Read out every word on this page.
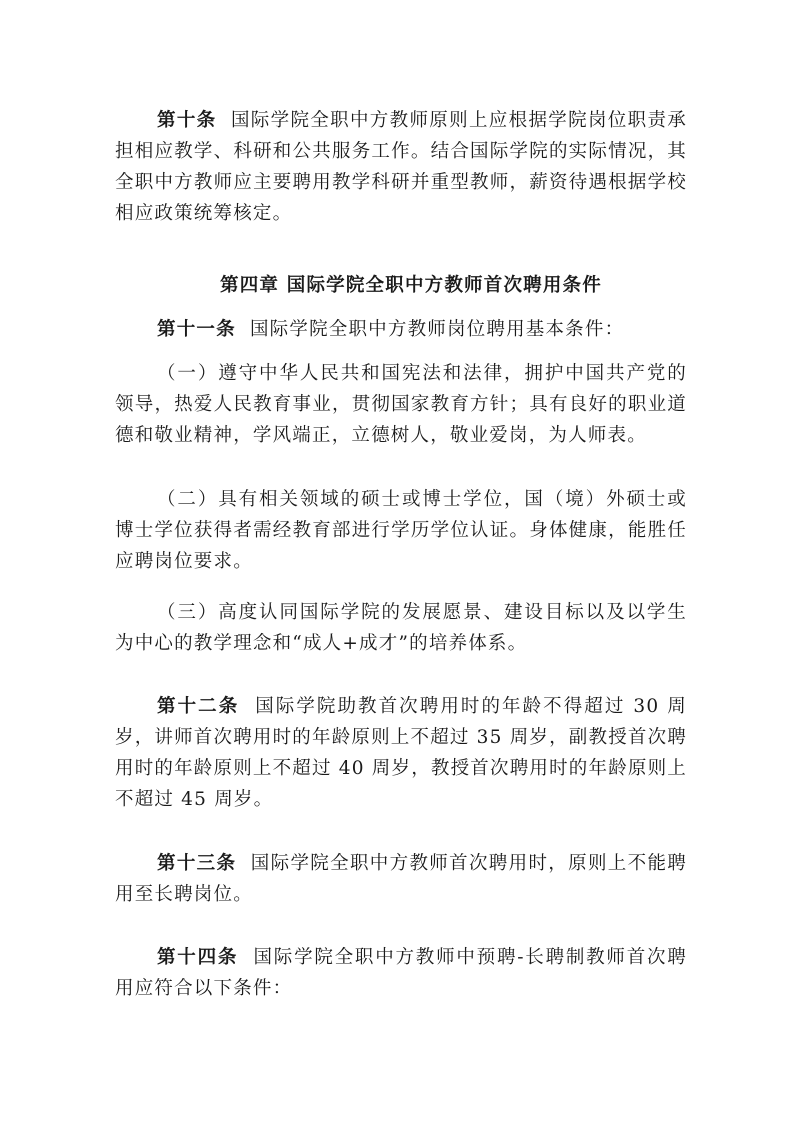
第十条 国际学院全职中方教师原则上应根据学院岗位职责承担相应教学、科研和公共服务工作。结合国际学院的实际情况，其全职中方教师应主要聘用教学科研并重型教师，薪资待遇根据学校相应政策统筹核定。

第四章 国际学院全职中方教师首次聘用条件

第十一条 国际学院全职中方教师岗位聘用基本条件：

（一）遵守中华人民共和国宪法和法律，拥护中国共产党的领导，热爱人民教育事业，贯彻国家教育方针；具有良好的职业道德和敬业精神，学风端正，立德树人，敬业爱岗，为人师表。

（二）具有相关领域的硕士或博士学位，国（境）外硕士或博士学位获得者需经教育部进行学历学位认证。身体健康，能胜任应聘岗位要求。

（三）高度认同国际学院的发展愿景、建设目标以及以学生为中心的教学理念和“成人+成才”的培养体系。

第十二条 国际学院助教首次聘用时的年龄不得超过 30 周岁，讲师首次聘用时的年龄原则上不超过 35 周岁，副教授首次聘用时的年龄原则上不超过 40 周岁，教授首次聘用时的年龄原则上不超过 45 周岁。

第十三条 国际学院全职中方教师首次聘用时，原则上不能聘用至长聘岗位。

第十四条 国际学院全职中方教师中预聘-长聘制教师首次聘用应符合以下条件：
